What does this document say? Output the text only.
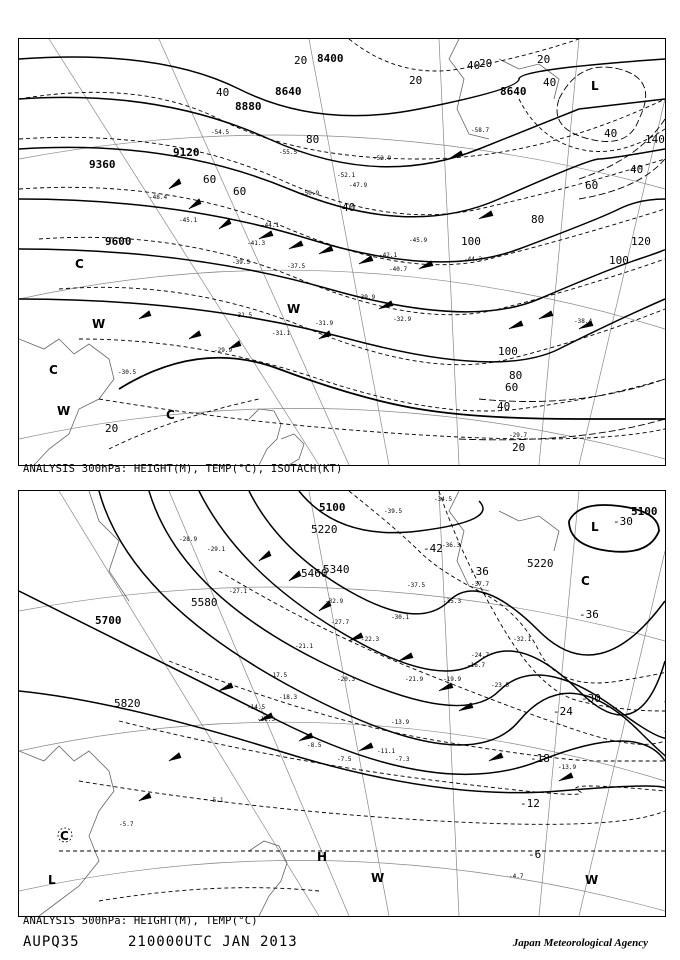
8400
8640	8640
8880
9120
9360
9600
20
40
20
20
40
60
40
80
60
40
20
100	120
140
60
40
40
100
80
60
40
20
20
80
100
L
C
W
C
W	C
W
-52.9
-47.9
-45.9
-42.1
-40.7
-44.3
-37.5
-39.9
-38.4
-32.9
-31.9
-31.5
-31.1
-29.9
-30.5
-29.7
-39.5
-41.3
-44.1
-45.1
-48.4
-50.9
-52.1
-58.7
-55.5
-54.5
ANALYSIS 300hPa: HEIGHT(M), TEMP(°C), ISOTACH(KT)
5100	5100
5220
5220
5340
5460
5580
5700
5820
-42
-36
-36
-30
-30
-24
-18
-12
-6
L
C
H
W
L	W
C
-39.5
-34.5
-36.3
-37.7
-37.5
-35.3
-32.9
-30.1
-27.7
-22.3
-21.1
-20.3
-17.5
-14.5
-12.3	-13.9
-8.5
-7.5	-7.3
-5.7
-5.1
-4.7
-11.1
-16.7
-23.5
-24.7
-21.9	-19.9
-28.9
-32.1
-29.1
-27.1
-18.3
-13.9
ANALYSIS 500hPa: HEIGHT(M), TEMP(°C)
AUPQ35	210000UTC JAN 2013	Japan Meteorological Agency
